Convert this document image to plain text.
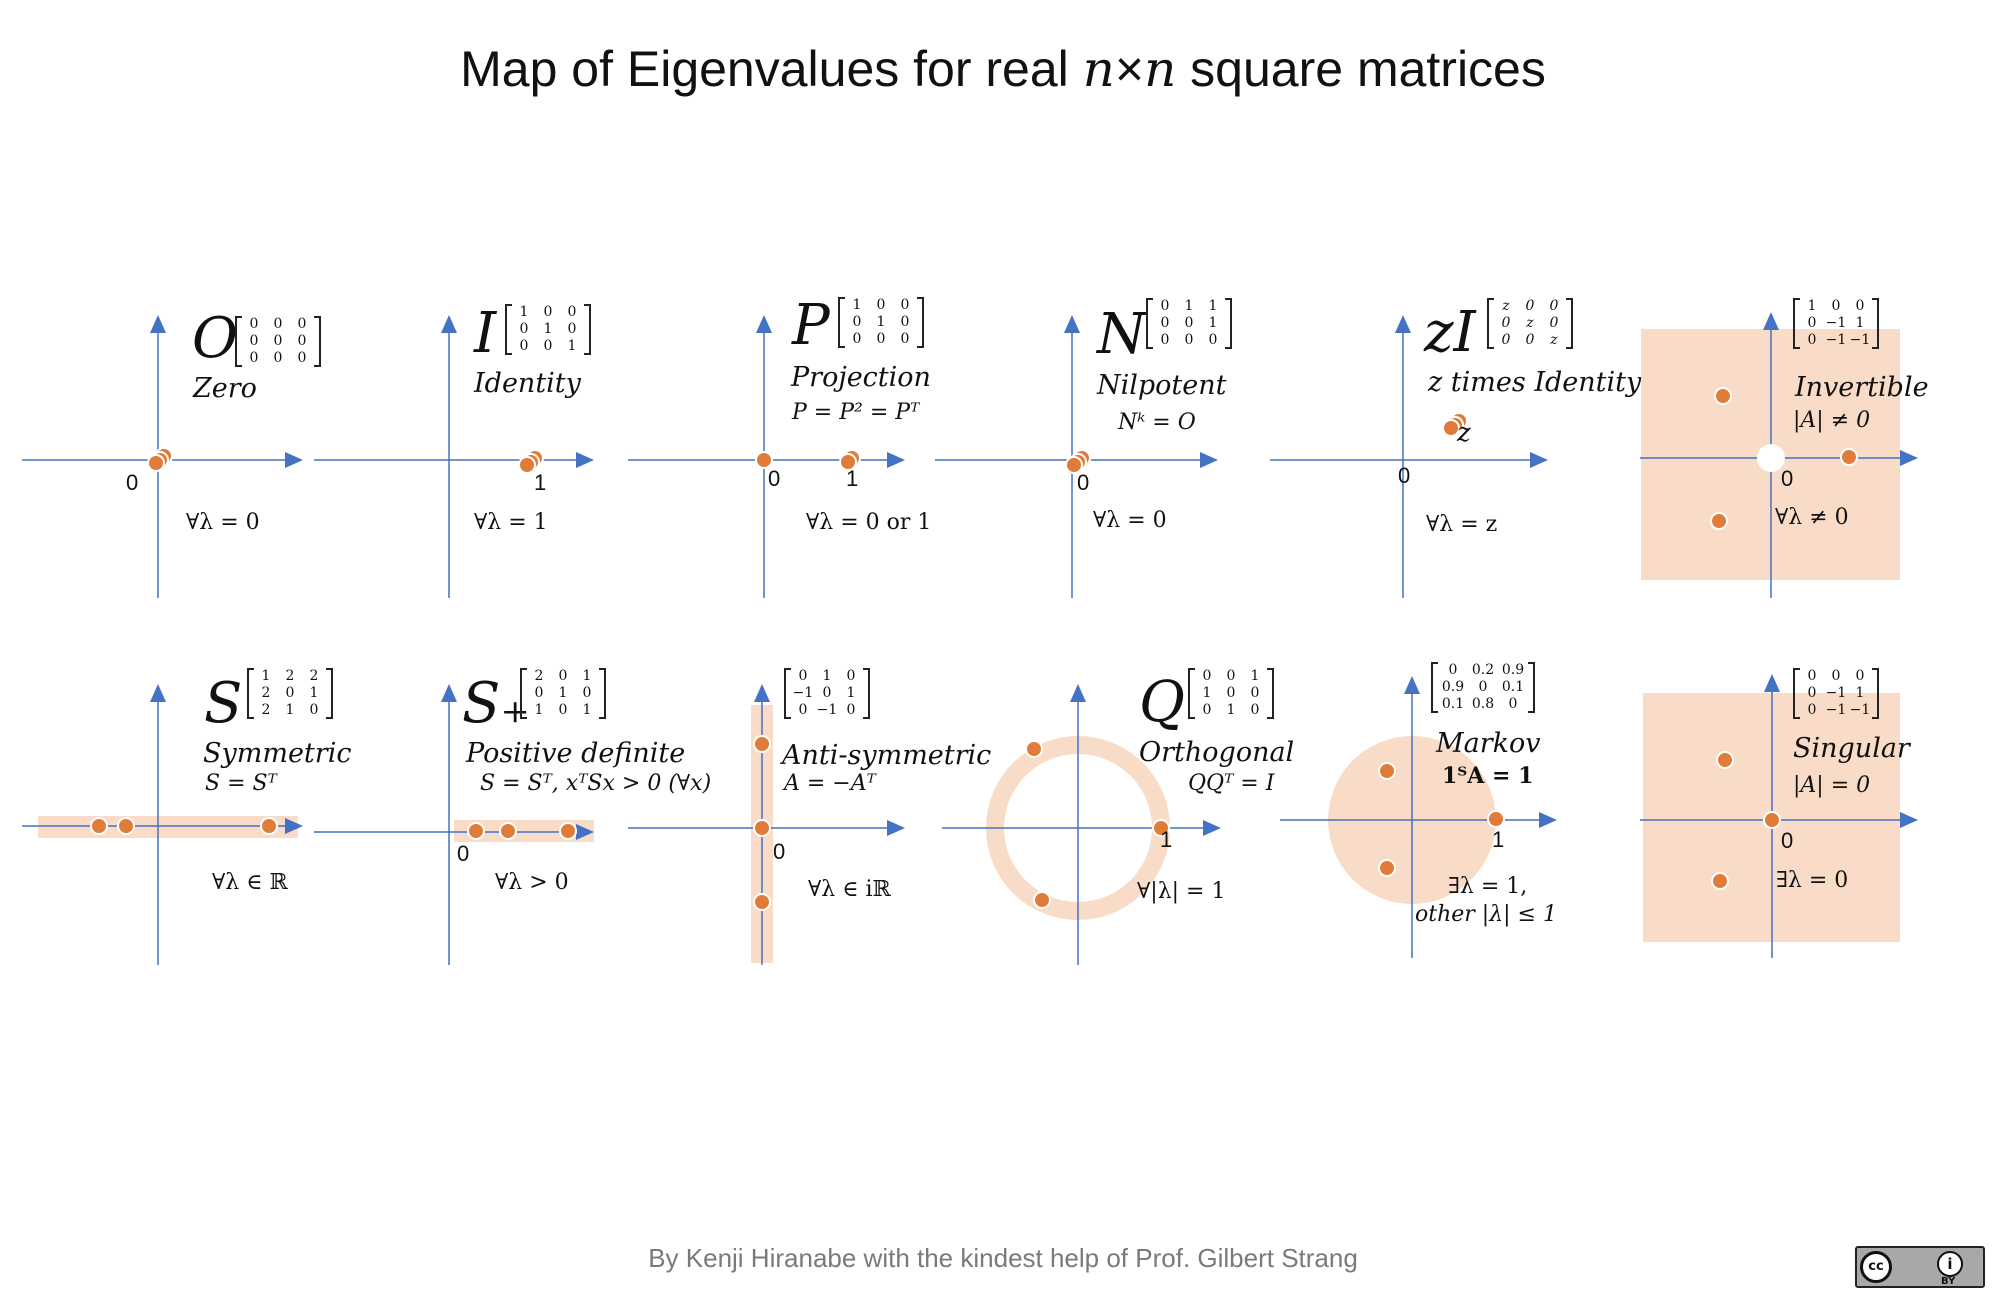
Map of Eigenvalues for real n×n square matrices
O 0	0	0
0	0	0
0	0	0
Zero
0
∀λ = 0
I	1	0	0
0	1	0
0	0	1
Identity
1
∀λ = 1
P	1	0	0
0	1	0
0	0	0
Projection
P = P² = Pᵀ
0	1
∀λ = 0 or 1
N	0	1	1
0	0	1
0	0	0
Nilpotent
Nᵏ = O
0
∀λ = 0
zI	z	0	0
0	z	0
0	0	z
z times Identity
z
0
∀λ = z
1	0	0
0 −1 1
0 −1 −1
Invertible
|A| ≠ 0
0
∀λ ≠ 0
S	1	2	2
2	0	1
2	1	0
Symmetric
S = Sᵀ
∀λ ∈ ℝ
S₊ 2	0	1
0	1	0
1	0	1
Positive definite
S = Sᵀ, xᵀSx > 0 (∀x)
0
∀λ > 0
0	1	0
−1 0	1
0 −1 0
Anti-symmetric
A = −Aᵀ
0
∀λ ∈ iℝ
Q	0	0	1
1	0	0
0	1	0
Orthogonal
QQᵀ = I
1
∀|λ| = 1
0	0.2 0.9
0.9	0	0.1
0.1 0.8	0
Markov
𝟏ᵀA = 𝟏
1
∃λ = 1,
other |λ| ≤ 1
0	0	0
0 −1 1
0 −1 −1
Singular
|A| = 0
0
∃λ = 0
By Kenji Hiranabe with the kindest help of Prof. Gilbert Strang	cc	i
BY
